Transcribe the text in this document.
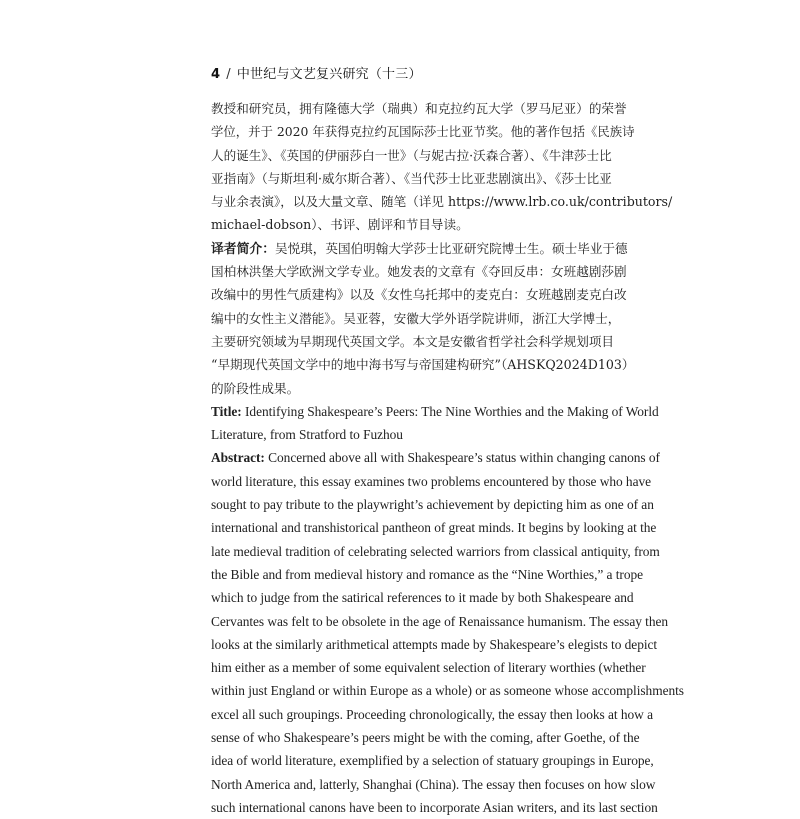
4 / 中世纪与文艺复兴研究（十三）
教授和研究员，拥有隆德大学（瑞典）和克拉约瓦大学（罗马尼亚）的荣誉
学位，并于 2020 年获得克拉约瓦国际莎士比亚节奖。他的著作包括《民族诗
人的诞生》、《英国的伊丽莎白一世》（与妮古拉·沃森合著）、《牛津莎士比
亚指南》（与斯坦利·威尔斯合著）、《当代莎士比亚悲剧演出》、《莎士比亚
与业余表演》，以及大量文章、随笔（详见 https://www.lrb.co.uk/contributors/
michael-dobson）、书评、剧评和节目导读。
译者简介：吴悦琪，英国伯明翰大学莎士比亚研究院博士生。硕士毕业于德
国柏林洪堡大学欧洲文学专业。她发表的文章有《夺回反串：女班越剧莎剧
改编中的男性气质建构》以及《女性乌托邦中的麦克白：女班越剧麦克白改
编中的女性主义潜能》。吴亚蓉，安徽大学外语学院讲师，浙江大学博士，
主要研究领域为早期现代英国文学。本文是安徽省哲学社会科学规划项目
“早期现代英国文学中的地中海书写与帝国建构研究”（AHSKQ2024D103）
的阶段性成果。
Title: Identifying Shakespeare’s Peers: The Nine Worthies and the Making of World
Literature, from Stratford to Fuzhou
Abstract: Concerned above all with Shakespeare’s status within changing canons of
world literature, this essay examines two problems encountered by those who have
sought to pay tribute to the playwright’s achievement by depicting him as one of an
international and transhistorical pantheon of great minds. It begins by looking at the
late medieval tradition of celebrating selected warriors from classical antiquity, from
the Bible and from medieval history and romance as the “Nine Worthies,” a trope
which to judge from the satirical references to it made by both Shakespeare and
Cervantes was felt to be obsolete in the age of Renaissance humanism. The essay then
looks at the similarly arithmetical attempts made by Shakespeare’s elegists to depict
him either as a member of some equivalent selection of literary worthies (whether
within just England or within Europe as a whole) or as someone whose accomplishments
excel all such groupings. Proceeding chronologically, the essay then looks at how a
sense of who Shakespeare’s peers might be with the coming, after Goethe, of the
idea of world literature, exemplified by a selection of statuary groupings in Europe,
North America and, latterly, Shanghai (China). The essay then focuses on how slow
such international canons have been to incorporate Asian writers, and its last section
